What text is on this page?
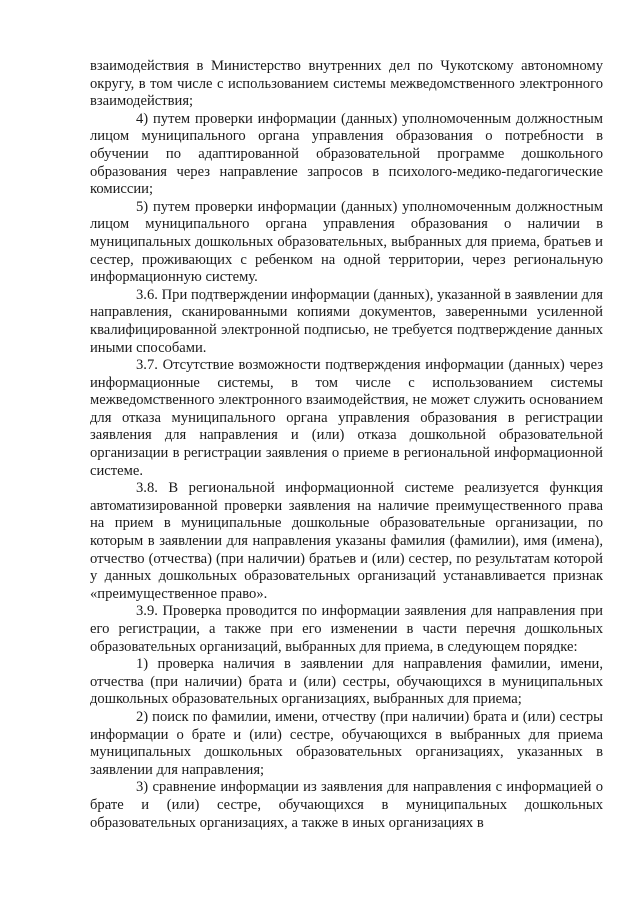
взаимодействия в Министерство внутренних дел по Чукотскому автономному округу, в том числе с использованием системы межведомственного электронного взаимодействия;

4) путем проверки информации (данных) уполномоченным должностным лицом муниципального органа управления образования о потребности в обучении по адаптированной образовательной программе дошкольного образования через направление запросов в психолого-медико-педагогические комиссии;

5) путем проверки информации (данных) уполномоченным должностным лицом муниципального органа управления образования о наличии в муниципальных дошкольных образовательных, выбранных для приема, братьев и сестер, проживающих с ребенком на одной территории, через региональную информационную систему.

3.6. При подтверждении информации (данных), указанной в заявлении для направления, сканированными копиями документов, заверенными усиленной квалифицированной электронной подписью, не требуется подтверждение данных иными способами.

3.7. Отсутствие возможности подтверждения информации (данных) через информационные системы, в том числе с использованием системы межведомственного электронного взаимодействия, не может служить основанием для отказа муниципального органа управления образования в регистрации заявления для направления и (или) отказа дошкольной образовательной организации в регистрации заявления о приеме в региональной информационной системе.

3.8. В региональной информационной системе реализуется функция автоматизированной проверки заявления на наличие преимущественного права на прием в муниципальные дошкольные образовательные организации, по которым в заявлении для направления указаны фамилия (фамилии), имя (имена), отчество (отчества) (при наличии) братьев и (или) сестер, по результатам которой у данных дошкольных образовательных организаций устанавливается признак «преимущественное право».

3.9. Проверка проводится по информации заявления для направления при его регистрации, а также при его изменении в части перечня дошкольных образовательных организаций, выбранных для приема, в следующем порядке:

1) проверка наличия в заявлении для направления фамилии, имени, отчества (при наличии) брата и (или) сестры, обучающихся в муниципальных дошкольных образовательных организациях, выбранных для приема;

2) поиск по фамилии, имени, отчеству (при наличии) брата и (или) сестры информации о брате и (или) сестре, обучающихся в выбранных для приема муниципальных дошкольных образовательных организациях, указанных в заявлении для направления;

3) сравнение информации из заявления для направления с информацией о брате и (или) сестре, обучающихся в муниципальных дошкольных образовательных организациях, а также в иных организациях в
